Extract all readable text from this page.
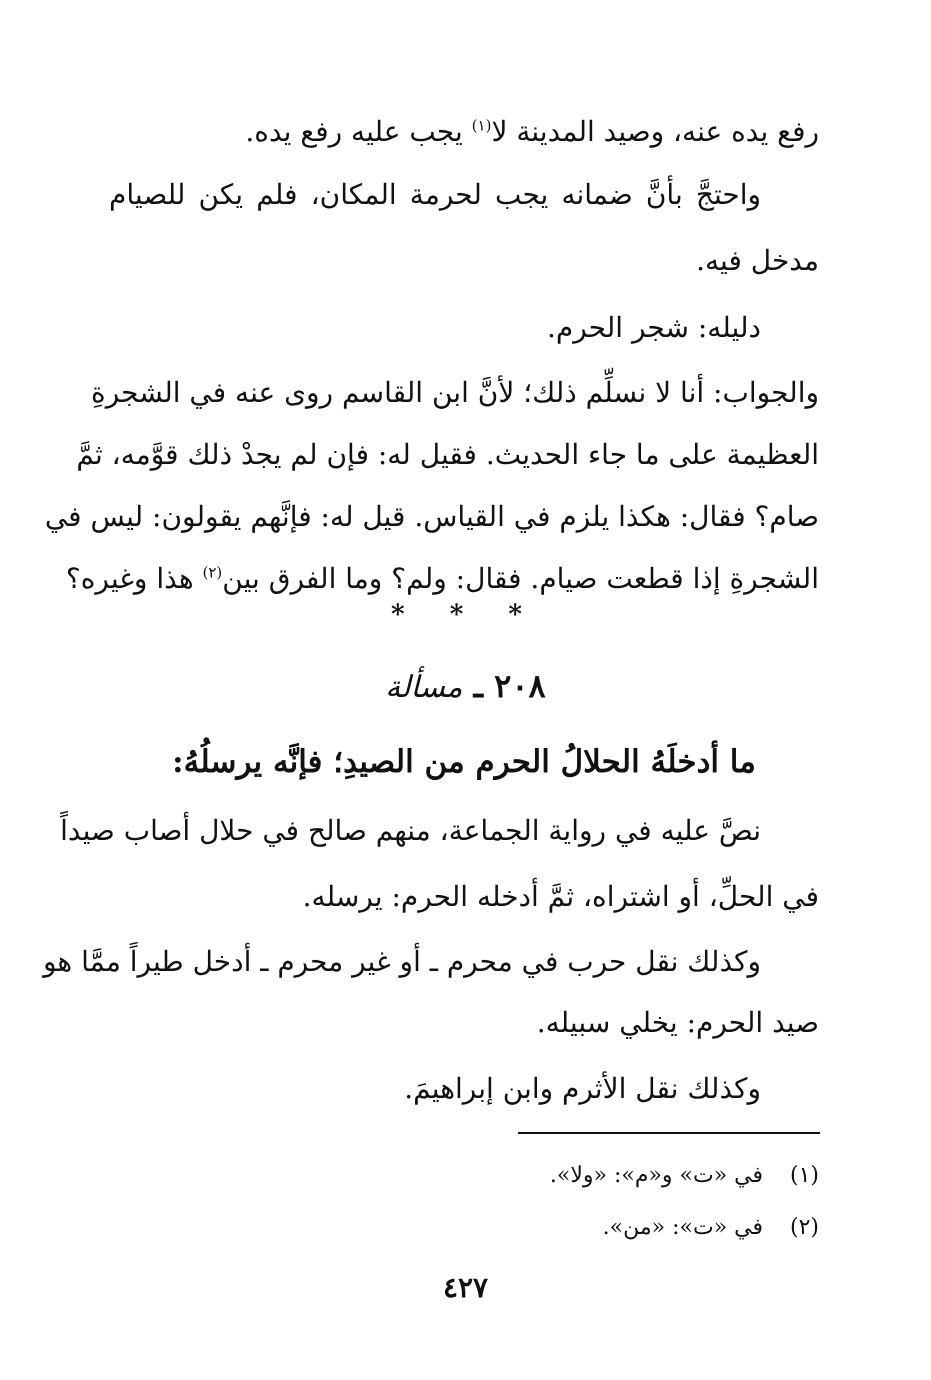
رفع يده عنه، وصيد المدينة لا$^{(١)}$ يجب عليه رفع يده.
واحتجَّ بأنَّ ضمانه يجب لحرمة المكان، فلم يكن للصيام
مدخل فيه.
دليله: شجر الحرم.
والجواب: أنا لا نسلِّم ذلك؛ لأنَّ ابن القاسم روى عنه في الشجرةِ
العظيمة على ما جاء الحديث. فقيل له: فإن لم يجدْ ذلك قوَّمه، ثمَّ
صام؟ فقال: هكذا يلزم في القياس. قيل له: فإنَّهم يقولون: ليس في
الشجرةِ إذا قطعت صيام. فقال: ولم؟ وما الفرق بين$^{(٢)}$ هذا وغيره؟
* * *
٢٠٨ ـ مسألة
ما أدخلَهُ الحلالُ الحرم من الصيدِ؛ فإنَّه يرسلُهُ:
نصَّ عليه في رواية الجماعة، منهم صالح في حلال أصاب صيداً
في الحلِّ، أو اشتراه، ثمَّ أدخله الحرم: يرسله.
وكذلك نقل حرب في محرم ـ أو غير محرم ـ أدخل طيراً ممَّا هو
صيد الحرم: يخلي سبيله.
وكذلك نقل الأثرم وابن إبراهيمَ.
(١)في «ت» و«م»: «ولا».
(٢)في «ت»: «من».
٤٢٧
